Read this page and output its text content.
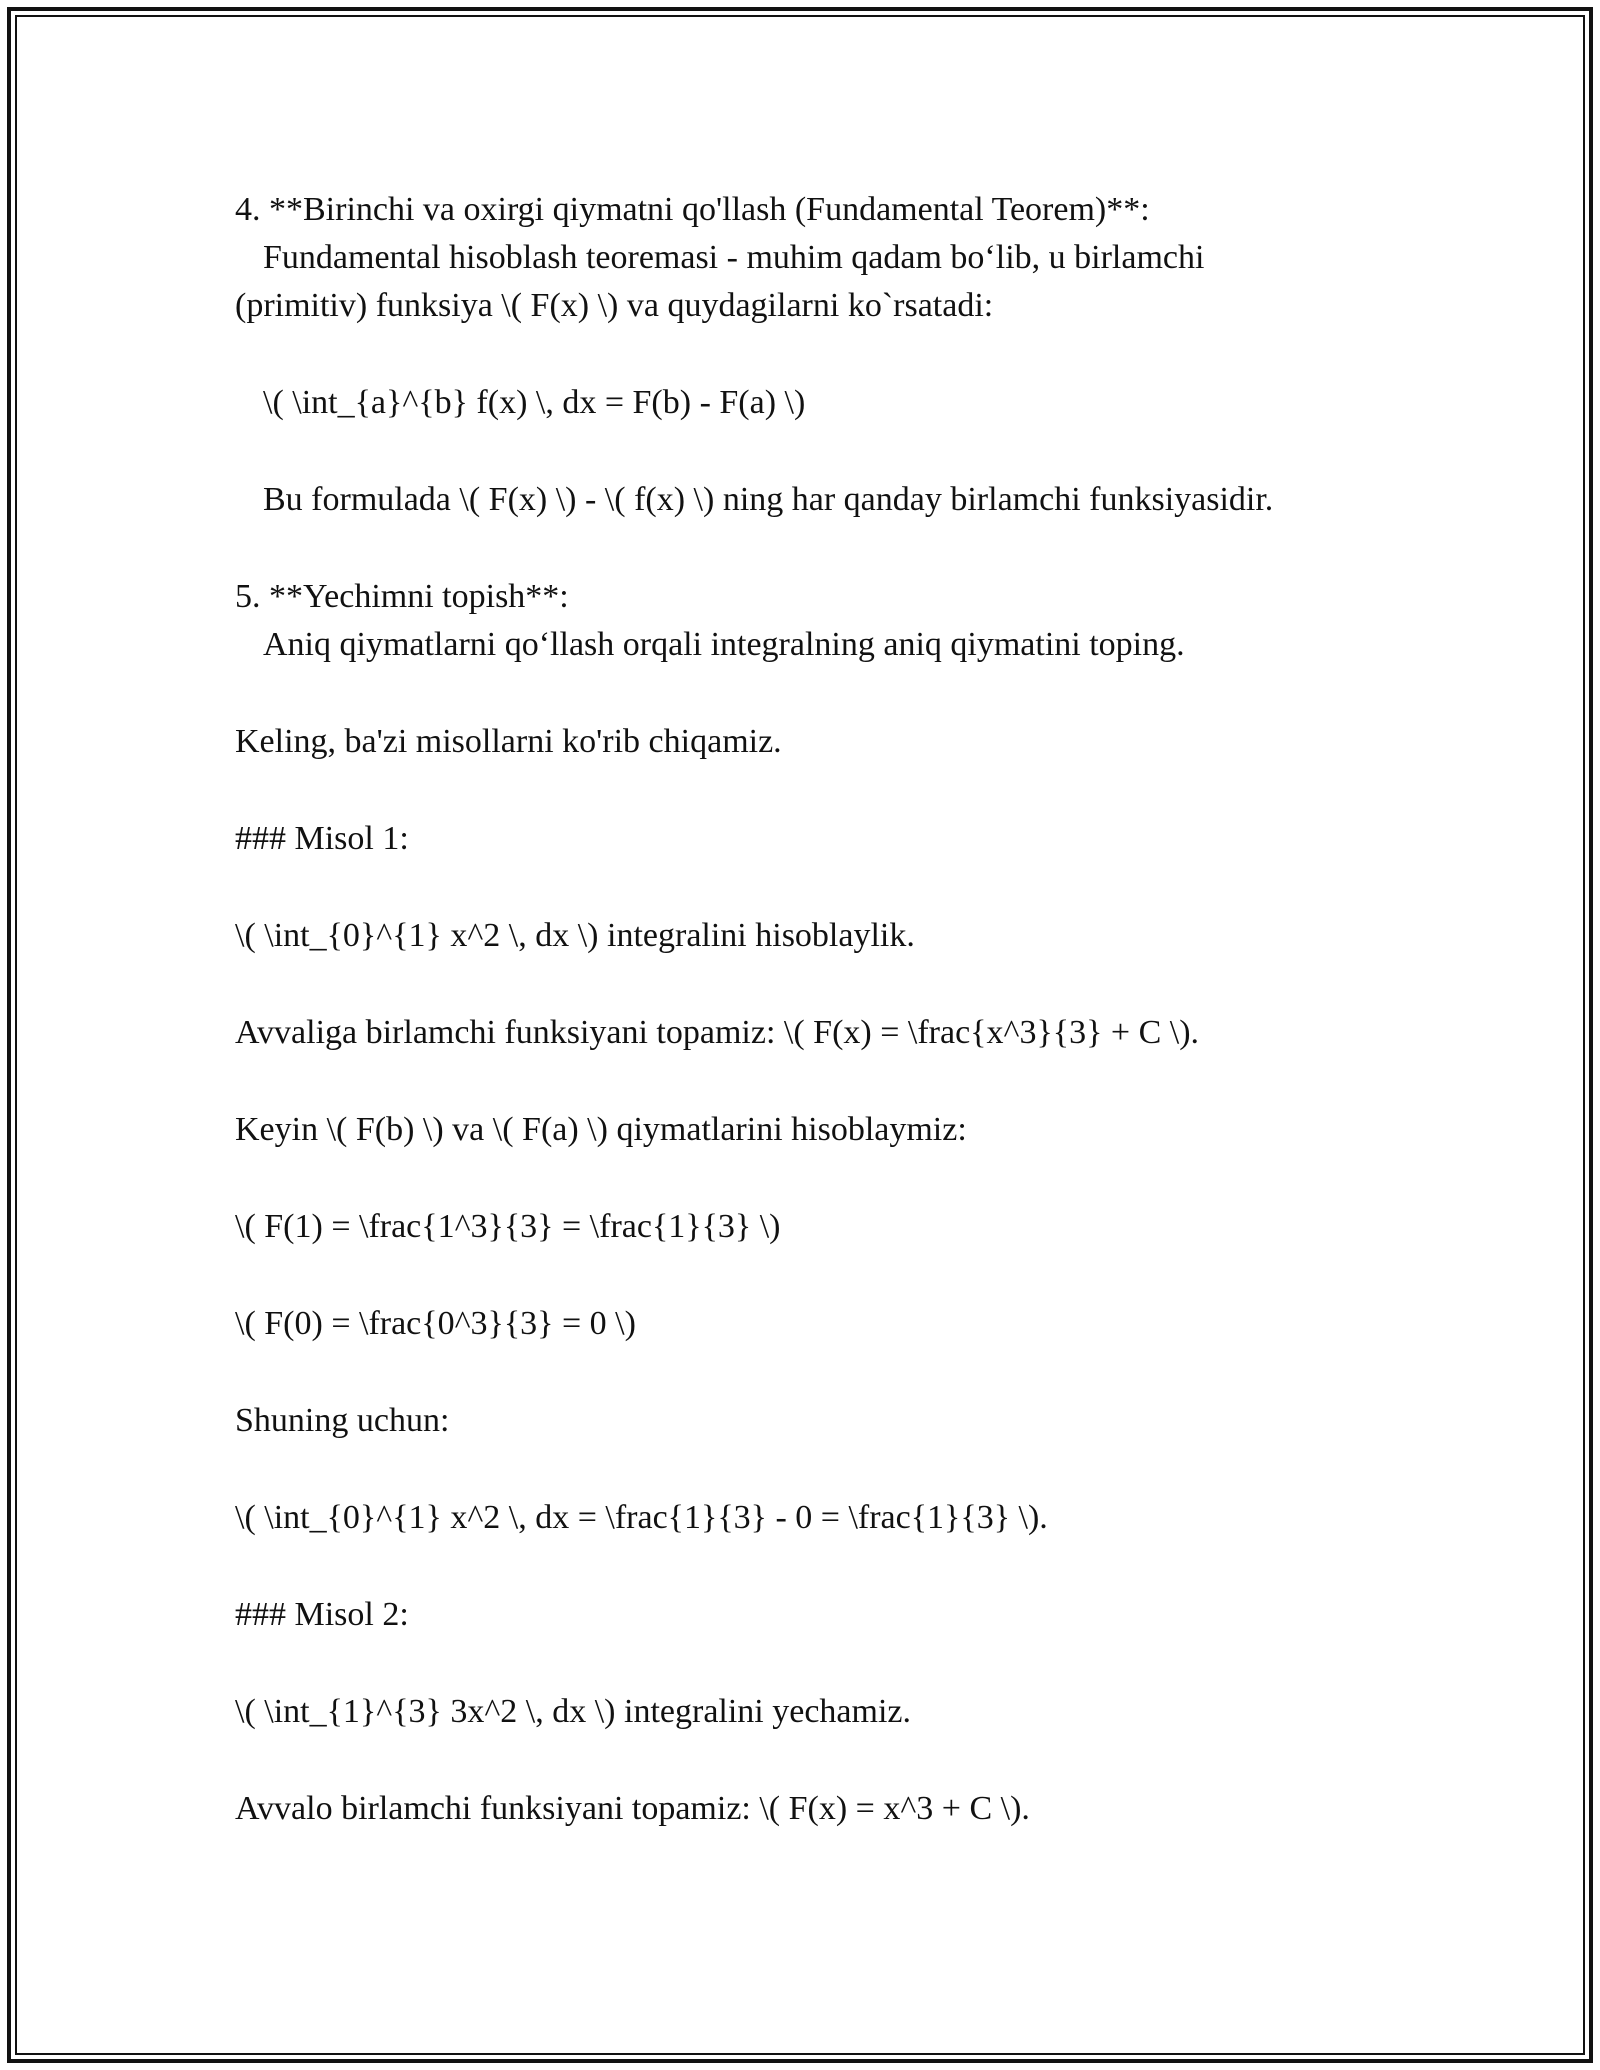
4. **Birinchi va oxirgi qiymatni qo'llash (Fundamental Teorem)**:

Fundamental hisoblash teoremasi - muhim qadam bo‘lib, u birlamchi

(primitiv) funksiya \( F(x) \) va quydagilarni ko`rsatadi:

\( \int_{a}^{b} f(x) \, dx = F(b) - F(a) \)

Bu formulada \( F(x) \) - \( f(x) \) ning har qanday birlamchi funksiyasidir.

5. **Yechimni topish**:

Aniq qiymatlarni qo‘llash orqali integralning aniq qiymatini toping.

Keling, ba'zi misollarni ko'rib chiqamiz.

### Misol 1:

\( \int_{0}^{1} x^2 \, dx \) integralini hisoblaylik.

Avvaliga birlamchi funksiyani topamiz: \( F(x) = \frac{x^3}{3} + C \).

Keyin \( F(b) \) va \( F(a) \) qiymatlarini hisoblaymiz:

\( F(1) = \frac{1^3}{3} = \frac{1}{3} \)

\( F(0) = \frac{0^3}{3} = 0 \)

Shuning uchun:

\( \int_{0}^{1} x^2 \, dx = \frac{1}{3} - 0 = \frac{1}{3} \).

### Misol 2:

\( \int_{1}^{3} 3x^2 \, dx \) integralini yechamiz.

Avvalo birlamchi funksiyani topamiz: \( F(x) = x^3 + C \).
